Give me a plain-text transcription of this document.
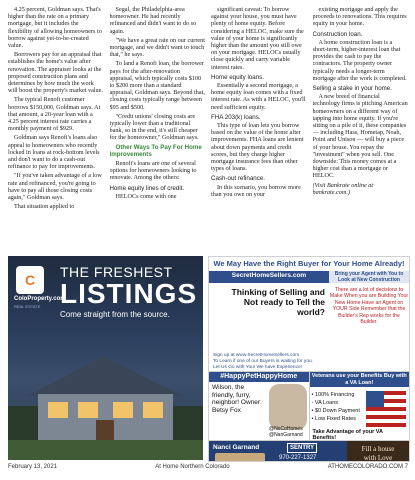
4.25 percent, Goldman says. That's higher than the rate on a primary mortgage, but it includes the flexibility of allowing homeowners to borrow against yet-to-be-created value.

Borrowers pay for an appraisal that establishes the home's value after renovation. The appraiser looks at the proposed construction plans and determines by how much the work will boost the property's market value.

The typical Renofi customer borrows $150,000, Goldman says. At that amount, a 20-year loan with a 4.25 percent interest rate carries a monthly payment of $929.

Goldman says Renofi's loans also appeal to homeowners who recently locked in loans at rock-bottom levels and don't want to do a cash-out refinance to pay for improvements.

"If you've taken advantage of a low rate and refinanced, you're going to have to pay all those closing costs again," Goldman says.

That situation applied to

Segal, the Philadelphia-area homeowner. He had recently refinanced and didn't want to do so again.

"We have a great rate on our current mortgage, and we didn't want to touch that," he says.

To land a Renofi loan, the borrower pays for the after-renovation appraisal, which typically costs $100 to $200 more than a standard appraisal, Goldman says. Beyond that, closing costs typically range between $95 and $500.

"Credit unions' closing costs are typically lower than a traditional bank, so in the end, it's still cheaper for the homeowner," Goldman says.

Other Ways To Pay For Home Improvements

Renofi's loans are one of several options for homeowners looking to renovate. Among the others:

Home equity lines of credit.

HELOCs come with one

significant caveat: To borrow against your house, you must have plenty of home equity. Before considering a HELOC, make sure the value of your home is significantly higher than the amount you still owe on your mortgage. HELOCs usually close quickly and carry variable interest rates.

Home equity loans.

Essentially a second mortgage, a home equity loan comes with a fixed interest rate. As with a HELOC, you'll need sufficient equity.

FHA 203(k) loans.

This type of loan lets you borrow based on the value of the home after improvements. FHA loans are lenient about down payments and credit scores, but they charge higher mortgage insurance fees than other types of loans.

Cash-out refinance.

In this scenario, you borrow more than you owe on your

existing mortgage and apply the proceeds to renovations. This requires equity in your home.

Construction loan.

A home construction loan is a short-term, higher-interest loan that provides the cash to pay the contractors. The property owner typically needs a longer-term mortgage after the work is completed.

Selling a stake in your home.

A new breed of financial technology firms is pitching American homeowners on a different way of tapping into home equity. If you're sitting on a pile of it, these companies — including Hass, Hometap, Noah, Point and Unison — will buy a piece of your house. You repay the "investment" when you sell. One downside: This money comes at a higher cost than a mortgage or HELOC.

(Visit Bankrate online at bankrate.com.)

C
ColoProperty.com
REAL ESTATE
THE FRESHEST
LISTINGS
Come straight from the source.
We May Have the Right Buyer for Your Home Already!
SecretHomeSellers.com	Bring your Agent with You to Look at New Construction
Thinking of Selling and Not ready to Tell the world?
There are a lot of decisions to Make When you are Building Your New Home Have an Agent on YOUR Side Remember that the Builder's Rep works for the Builder.
Sign up at www.SecretHomeSellers.com
To Learn if one of our Buyers is waiting for you.
Let Us Go with You! We have Experience!
#HappyPetHappyHome
Wilson, the friendly, furry, neighbor! Owner: Betsy Fox
@NoCoHomes @NanGarnand
Veterans use your Benefits Buy with a VA Loan!
• 100% Financing
- VA Loans
• $0 Down Payment
• Low Fixed Rates
Take Advantage of your VA Benefits!
Nanci Garnand	SENTRY
970-227-1327
Fill a house
with Love
February 13, 2021	At Home Northern Colorado	ATHOMECOLORADO.COM 7
